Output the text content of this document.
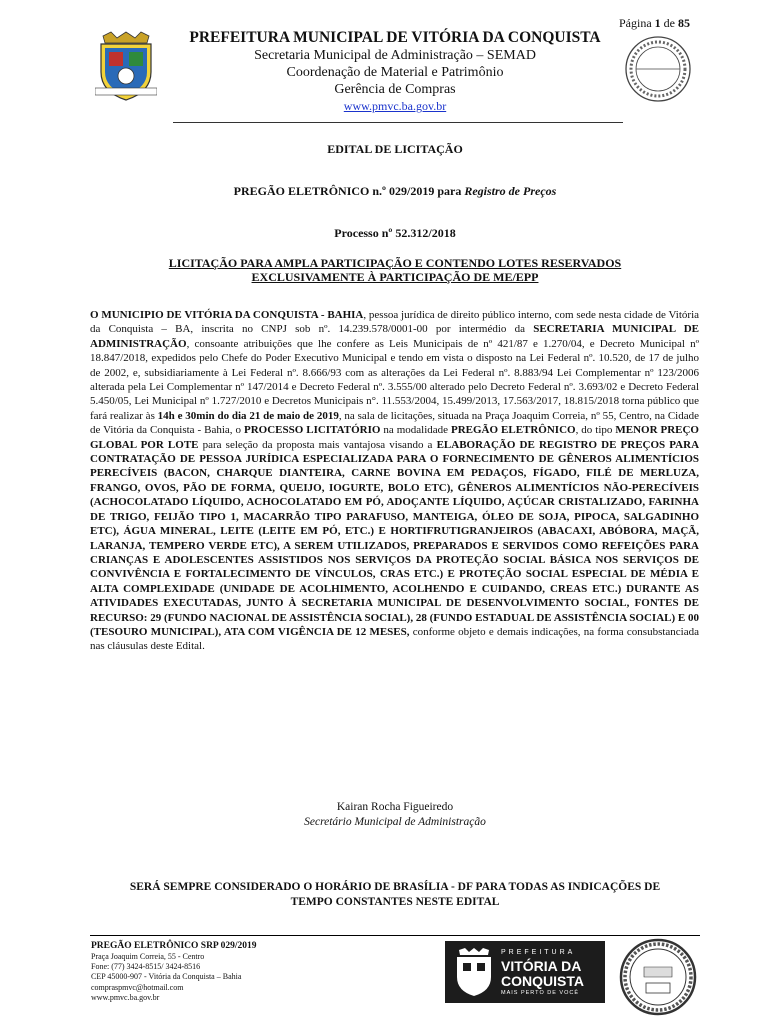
Página 1 de 85
PREFEITURA MUNICIPAL DE VITÓRIA DA CONQUISTA
Secretaria Municipal de Administração – SEMAD
Coordenação de Material e Patrimônio
Gerência de Compras
www.pmvc.ba.gov.br
EDITAL DE LICITAÇÃO
PREGÃO ELETRÔNICO n.º 029/2019 para Registro de Preços
Processo nº 52.312/2018
LICITAÇÃO PARA AMPLA PARTICIPAÇÃO E CONTENDO LOTES RESERVADOS
EXCLUSIVAMENTE À PARTICIPAÇÃO DE ME/EPP
O MUNICIPIO DE VITÓRIA DA CONQUISTA - BAHIA, pessoa jurídica de direito público interno, com sede nesta cidade de Vitória da Conquista – BA, inscrita no CNPJ sob nº. 14.239.578/0001-00 por intermédio da SECRETARIA MUNICIPAL DE ADMINISTRAÇÃO, consoante atribuições que lhe confere as Leis Municipais de nº 421/87 e 1.270/04, e Decreto Municipal nº 18.847/2018, expedidos pelo Chefe do Poder Executivo Municipal e tendo em vista o disposto na Lei Federal nº. 10.520, de 17 de julho de 2002, e, subsidiariamente à Lei Federal nº. 8.666/93 com as alterações da Lei Federal nº. 8.883/94 Lei Complementar nº 123/2006 alterada pela Lei Complementar nº 147/2014 e Decreto Federal nº. 3.555/00 alterado pelo Decreto Federal nº. 3.693/02 e Decreto Federal 5.450/05, Lei Municipal nº 1.727/2010 e Decretos Municipais n°. 11.553/2004, 15.499/2013, 17.563/2017, 18.815/2018 torna público que fará realizar às 14h e 30min do dia 21 de maio de 2019, na sala de licitações, situada na Praça Joaquim Correia, nº 55, Centro, na Cidade de Vitória da Conquista - Bahia, o PROCESSO LICITATÓRIO na modalidade PREGÃO ELETRÔNICO, do tipo MENOR PREÇO GLOBAL POR LOTE para seleção da proposta mais vantajosa visando a ELABORAÇÃO DE REGISTRO DE PREÇOS PARA CONTRATAÇÃO DE PESSOA JURÍDICA ESPECIALIZADA PARA O FORNECIMENTO DE GÊNEROS ALIMENTÍCIOS PERECÍVEIS (BACON, CHARQUE DIANTEIRA, CARNE BOVINA EM PEDAÇOS, FÍGADO, FILÉ DE MERLUZA, FRANGO, OVOS, PÃO DE FORMA, QUEIJO, IOGURTE, BOLO ETC), GÊNEROS ALIMENTÍCIOS NÃO-PERECÍVEIS (ACHOCOLATADO LÍQUIDO, ACHOCOLATADO EM PÓ, ADOÇANTE LÍQUIDO, AÇÚCAR CRISTALIZADO, FARINHA DE TRIGO, FEIJÃO TIPO 1, MACARRÃO TIPO PARAFUSO, MANTEIGA, ÓLEO DE SOJA, PIPOCA, SALGADINHO ETC), ÁGUA MINERAL, LEITE (LEITE EM PÓ, ETC.) E HORTIFRUTIGRANJEIROS (ABACAXI, ABÓBORA, MAÇÃ, LARANJA, TEMPERO VERDE ETC), A SEREM UTILIZADOS, PREPARADOS E SERVIDOS COMO REFEIÇÕES PARA CRIANÇAS E ADOLESCENTES ASSISTIDOS NOS SERVIÇOS DA PROTEÇÃO SOCIAL BÁSICA NOS SERVIÇOS DE CONVIVÊNCIA E FORTALECIMENTO DE VÍNCULOS, CRAS ETC.) E PROTEÇÃO SOCIAL ESPECIAL DE MÉDIA E ALTA COMPLEXIDADE (UNIDADE DE ACOLHIMENTO, ACOLHENDO E CUIDANDO, CREAS ETC.) DURANTE AS ATIVIDADES EXECUTADAS, JUNTO À SECRETARIA MUNICIPAL DE DESENVOLVIMENTO SOCIAL, FONTES DE RECURSO: 29 (FUNDO NACIONAL DE ASSISTÊNCIA SOCIAL), 28 (FUNDO ESTADUAL DE ASSISTÊNCIA SOCIAL) E 00 (TESOURO MUNICIPAL), ATA COM VIGÊNCIA DE 12 MESES, conforme objeto e demais indicações, na forma consubstanciada nas cláusulas deste Edital.
Kairan Rocha Figueiredo
Secretário Municipal de Administração
SERÁ SEMPRE CONSIDERADO O HORÁRIO DE BRASÍLIA - DF PARA TODAS AS INDICAÇÕES DE
TEMPO CONSTANTES NESTE EDITAL
PREGÃO ELETRÔNICO SRP 029/2019
Praça Joaquim Correia, 55 - Centro
Fone: (77) 3424-8515/ 3424-8516
CEP 45000-907 - Vitória da Conquista – Bahia
compraspmvc@hotmail.com
www.pmvc.ba.gov.br
PREFEITURA
VITÓRIA DA
CONQUISTA
MAIS PERTO DE VOCÊ
